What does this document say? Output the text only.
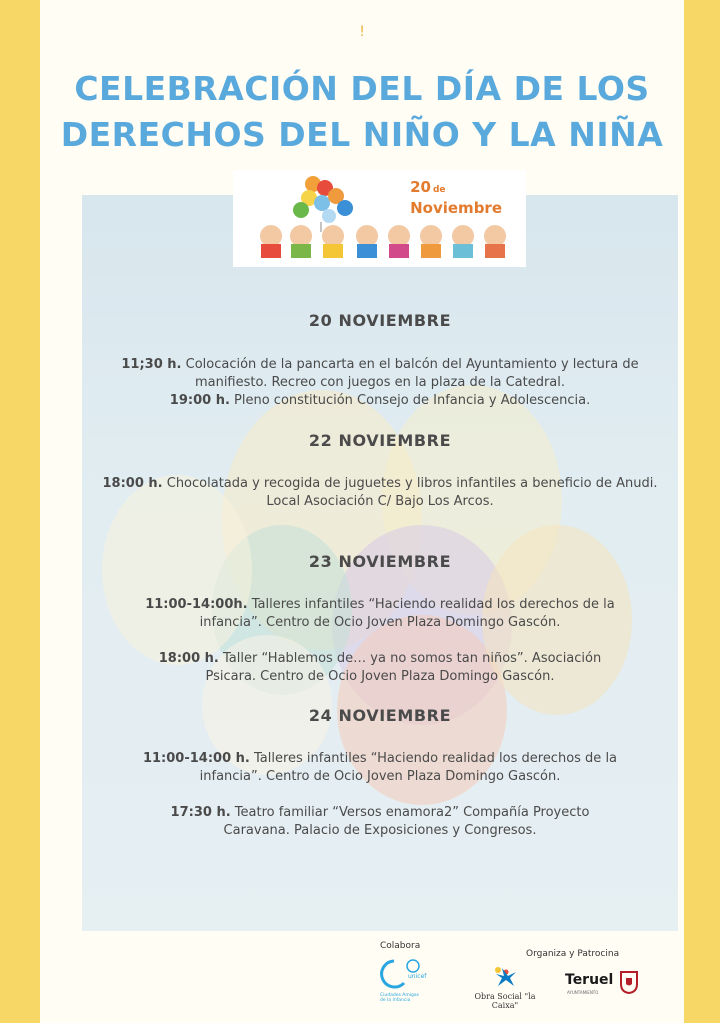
!
CELEBRACIÓN DEL DÍA DE LOS
DERECHOS DEL NIÑO Y LA NIÑA
20 de
Noviembre
20 NOVIEMBRE
11;30 h. Colocación de la pancarta en el balcón del Ayuntamiento y lectura de manifiesto. Recreo con juegos en la plaza de la Catedral.
19:00 h. Pleno constitución Consejo de Infancia y Adolescencia.
22 NOVIEMBRE
18:00 h. Chocolatada y recogida de juguetes y libros infantiles a beneficio de Anudi. Local Asociación C/ Bajo Los Arcos.
23 NOVIEMBRE
11:00-14:00h. Talleres infantiles “Haciendo realidad los derechos de la infancia”. Centro de Ocio Joven Plaza Domingo Gascón.
18:00 h. Taller “Hablemos de… ya no somos tan niños”. Asociación Psicara. Centro de Ocio Joven Plaza Domingo Gascón.
24 NOVIEMBRE
11:00-14:00 h. Talleres infantiles “Haciendo realidad los derechos de la infancia”. Centro de Ocio Joven Plaza Domingo Gascón.
17:30 h. Teatro familiar “Versos enamora2” Compañía Proyecto Caravana. Palacio de Exposiciones y Congresos.
Colabora
Organiza y Patrocina
unicef
Ciudades Amigas de la Infancia	Obra Social "la Caixa"
Teruel
AYUNTAMIENTO
